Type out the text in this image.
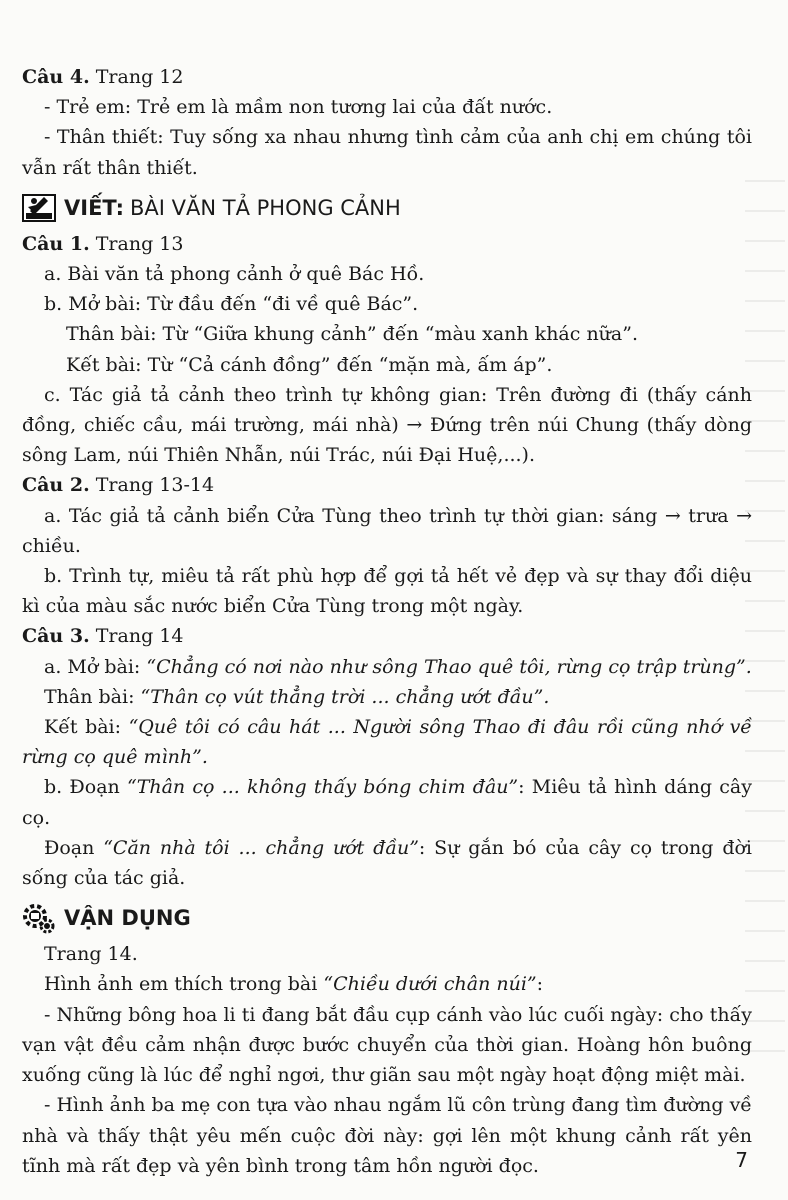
Câu 4. Trang 12

- Trẻ em: Trẻ em là mầm non tương lai của đất nước.

- Thân thiết: Tuy sống xa nhau nhưng tình cảm của anh chị em chúng tôi vẫn rất thân thiết.

VIẾT: BÀI VĂN TẢ PHONG CẢNH

Câu 1. Trang 13

a. Bài văn tả phong cảnh ở quê Bác Hồ.

b. Mở bài: Từ đầu đến “đi về quê Bác”.

Thân bài: Từ “Giữa khung cảnh” đến “màu xanh khác nữa”.

Kết bài: Từ “Cả cánh đồng” đến “mặn mà, ấm áp”.

c. Tác giả tả cảnh theo trình tự không gian: Trên đường đi (thấy cánh đồng, chiếc cầu, mái trường, mái nhà) → Đứng trên núi Chung (thấy dòng sông Lam, núi Thiên Nhẫn, núi Trác, núi Đại Huệ,...).

Câu 2. Trang 13-14

a. Tác giả tả cảnh biển Cửa Tùng theo trình tự thời gian: sáng → trưa → chiều.

b. Trình tự, miêu tả rất phù hợp để gợi tả hết vẻ đẹp và sự thay đổi diệu kì của màu sắc nước biển Cửa Tùng trong một ngày.

Câu 3. Trang 14

a. Mở bài: “Chẳng có nơi nào như sông Thao quê tôi, rừng cọ trập trùng”.

Thân bài: “Thân cọ vút thẳng trời ... chẳng ướt đầu”.

Kết bài: “Quê tôi có câu hát ... Người sông Thao đi đâu rồi cũng nhớ về rừng cọ quê mình”.

b. Đoạn “Thân cọ ... không thấy bóng chim đâu”: Miêu tả hình dáng cây cọ.

Đoạn “Căn nhà tôi ... chẳng ướt đầu”: Sự gắn bó của cây cọ trong đời sống của tác giả.

VẬN DỤNG

Trang 14.

Hình ảnh em thích trong bài “Chiều dưới chân núi”:

- Những bông hoa li ti đang bắt đầu cụp cánh vào lúc cuối ngày: cho thấy vạn vật đều cảm nhận được bước chuyển của thời gian. Hoàng hôn buông xuống cũng là lúc để nghỉ ngơi, thư giãn sau một ngày hoạt động miệt mài.

- Hình ảnh ba mẹ con tựa vào nhau ngắm lũ côn trùng đang tìm đường về nhà và thấy thật yêu mến cuộc đời này: gợi lên một khung cảnh rất yên tĩnh mà rất đẹp và yên bình trong tâm hồn người đọc.	7
